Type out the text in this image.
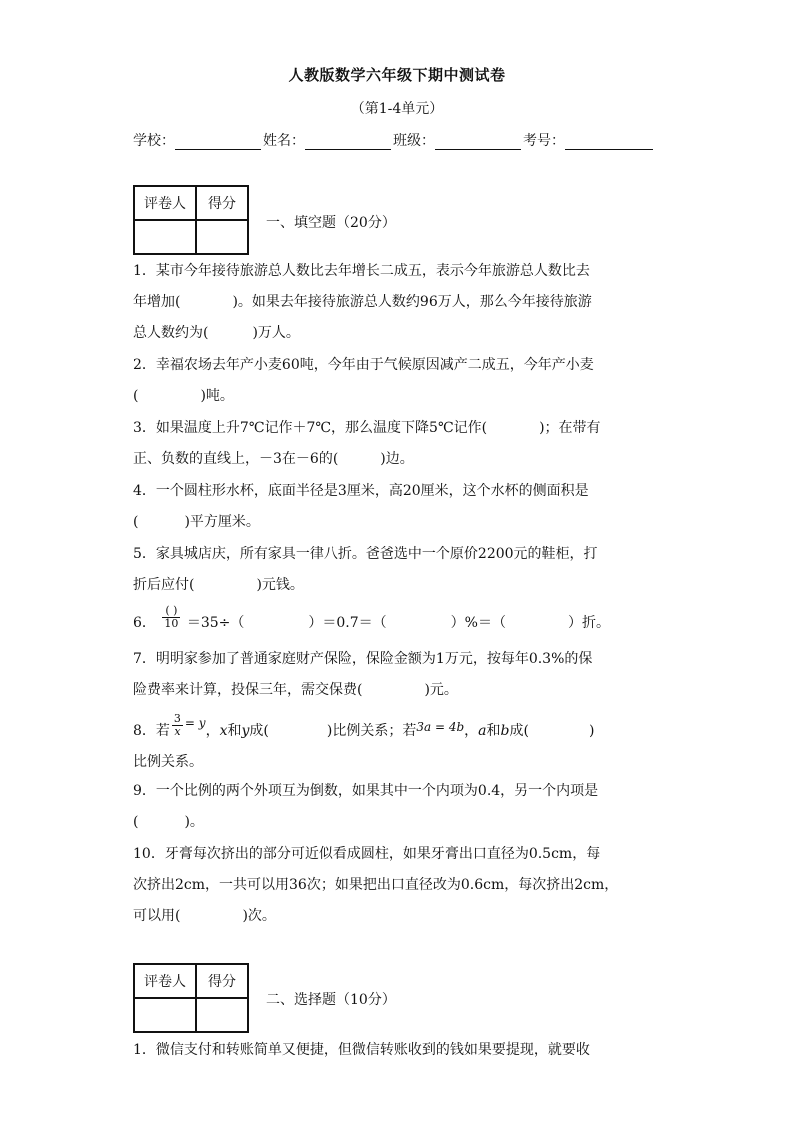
人教版数学六年级下期中测试卷
（第1-4单元）
学校：	姓名：	班级：	考号：
评卷人	得分

一、填空题（20分）

1．某市今年接待旅游总人数比去年增长二成五，表示今年旅游总人数比去

年增加(	)。如果去年接待旅游总人数约96万人，那么今年接待旅游

总人数约为(	)万人。

2．幸福农场去年产小麦60吨，今年由于气候原因减产二成五，今年产小麦

(	)吨。

3．如果温度上升7℃记作＋7℃，那么温度下降5℃记作(	)；在带有

正、负数的直线上，－3在－6的(	)边。

4．一个圆柱形水杯，底面半径是3厘米，高20厘米，这个水杯的侧面积是

(	)平方厘米。

5．家具城店庆，所有家具一律八折。爸爸选中一个原价2200元的鞋柜，打

折后应付(	)元钱。

6． $\frac{( )}{10} =35\div$（	）＝0.7＝（	）%＝（	）折。

7．明明家参加了普通家庭财产保险，保险金额为1万元，按每年0.3%的保

险费率来计算，投保三年，需交保费(	)元。

8．若 $\frac{3}{x} = y$，x和y成(	)比例关系；若3a = 4b，a和b成(	)

比例关系。

9．一个比例的两个外项互为倒数，如果其中一个内项为0.4，另一个内项是

(	)。

10．牙膏每次挤出的部分可近似看成圆柱，如果牙膏出口直径为0.5cm，每

次挤出2cm，一共可以用36次；如果把出口直径改为0.6cm，每次挤出2cm，

可以用(	)次。

评卷人	得分

二、选择题（10分）

1．微信支付和转账简单又便捷，但微信转账收到的钱如果要提现，就要收
